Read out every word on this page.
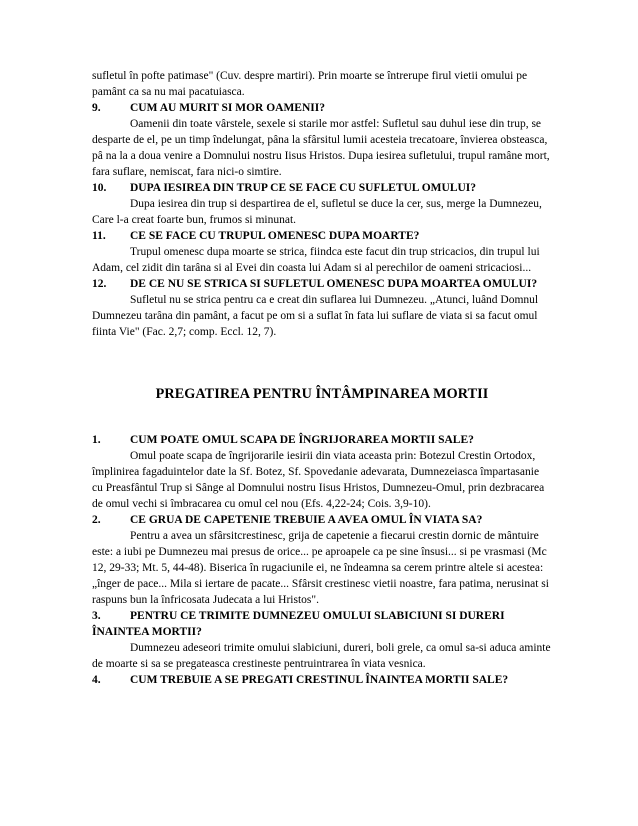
sufletul în pofte patimase" (Cuv. despre martiri). Prin moarte se întrerupe firul vietii omului pe pamânt ca sa nu mai pacatuiasca.

9.	CUM AU MURIT SI MOR OAMENII?

Oamenii din toate vârstele, sexele si starile mor astfel: Sufletul sau duhul iese din trup, se desparte de el, pe un timp îndelungat, pâna la sfârsitul lumii acesteia trecatoare, învierea obsteasca, pâ na la a doua venire a Domnului nostru Iisus Hristos. Dupa iesirea sufletului, trupul ramâne mort, fara suflare, nemiscat, fara nici-o simtire.

10. DUPA IESIREA DIN TRUP CE SE FACE CU SUFLETUL OMULUI?

Dupa iesirea din trup si despartirea de el, sufletul se duce la cer, sus, merge la Dumnezeu, Care l-a creat foarte bun, frumos si minunat.

11. CE SE FACE CU TRUPUL OMENESC DUPA MOARTE?

Trupul omenesc dupa moarte se strica, fiindca este facut din trup stricacios, din trupul lui Adam, cel zidit din tarâna si al Evei din coasta lui Adam si al perechilor de oameni stricaciosi...

12. DE CE NU SE STRICA SI SUFLETUL OMENESC DUPA MOARTEA OMULUI?

Sufletul nu se strica pentru ca e creat din suflarea lui Dumnezeu. „Atunci, luând Domnul Dumnezeu tarâna din pamânt, a facut pe om si a suflat în fata lui suflare de viata si sa facut omul fiinta Vie" (Fac. 2,7; comp. Eccl. 12, 7).

PREGATIREA PENTRU ÎNTÂMPINAREA MORTII

1.	CUM POATE OMUL SCAPA DE ÎNGRIJORAREA MORTII SALE?

Omul poate scapa de îngrijorarile iesirii din viata aceasta prin: Botezul Crestin Ortodox, împlinirea fagaduintelor date la Sf. Botez, Sf. Spovedanie adevarata, Dumnezeiasca împartasanie cu Preasfântul Trup si Sânge al Domnului nostru Iisus Hristos, Dumnezeu-Omul, prin dezbracarea de omul vechi si îmbracarea cu omul cel nou (Efs. 4,22-24; Cois. 3,9-10).

2.	CE GRUA DE CAPETENIE TREBUIE A AVEA OMUL ÎN VIATA SA?

Pentru a avea un sfârsitcrestinesc, grija de capetenie a fiecarui crestin dornic de mântuire este: a iubi pe Dumnezeu mai presus de orice... pe aproapele ca pe sine însusi... si pe vrasmasi (Mc 12, 29-33; Mt. 5, 44-48). Biserica în rugaciunile ei, ne îndeamna sa cerem printre altele si acestea: „înger de pace... Mila si iertare de pacate... Sfârsit crestinesc vietii noastre, fara patima, nerusinat si raspuns bun la înfricosata Judecata a lui Hristos".

3.	PENTRU CE TRIMITE DUMNEZEU OMULUI SLABICIUNI SI DURERI ÎNAINTEA MORTII?

Dumnezeu adeseori trimite omului slabiciuni, dureri, boli grele, ca omul sa-si aduca aminte de moarte si sa se pregateasca crestineste pentruintrarea în viata vesnica.

4.	CUM TREBUIE A SE PREGATI CRESTINUL ÎNAINTEA MORTII SALE?
